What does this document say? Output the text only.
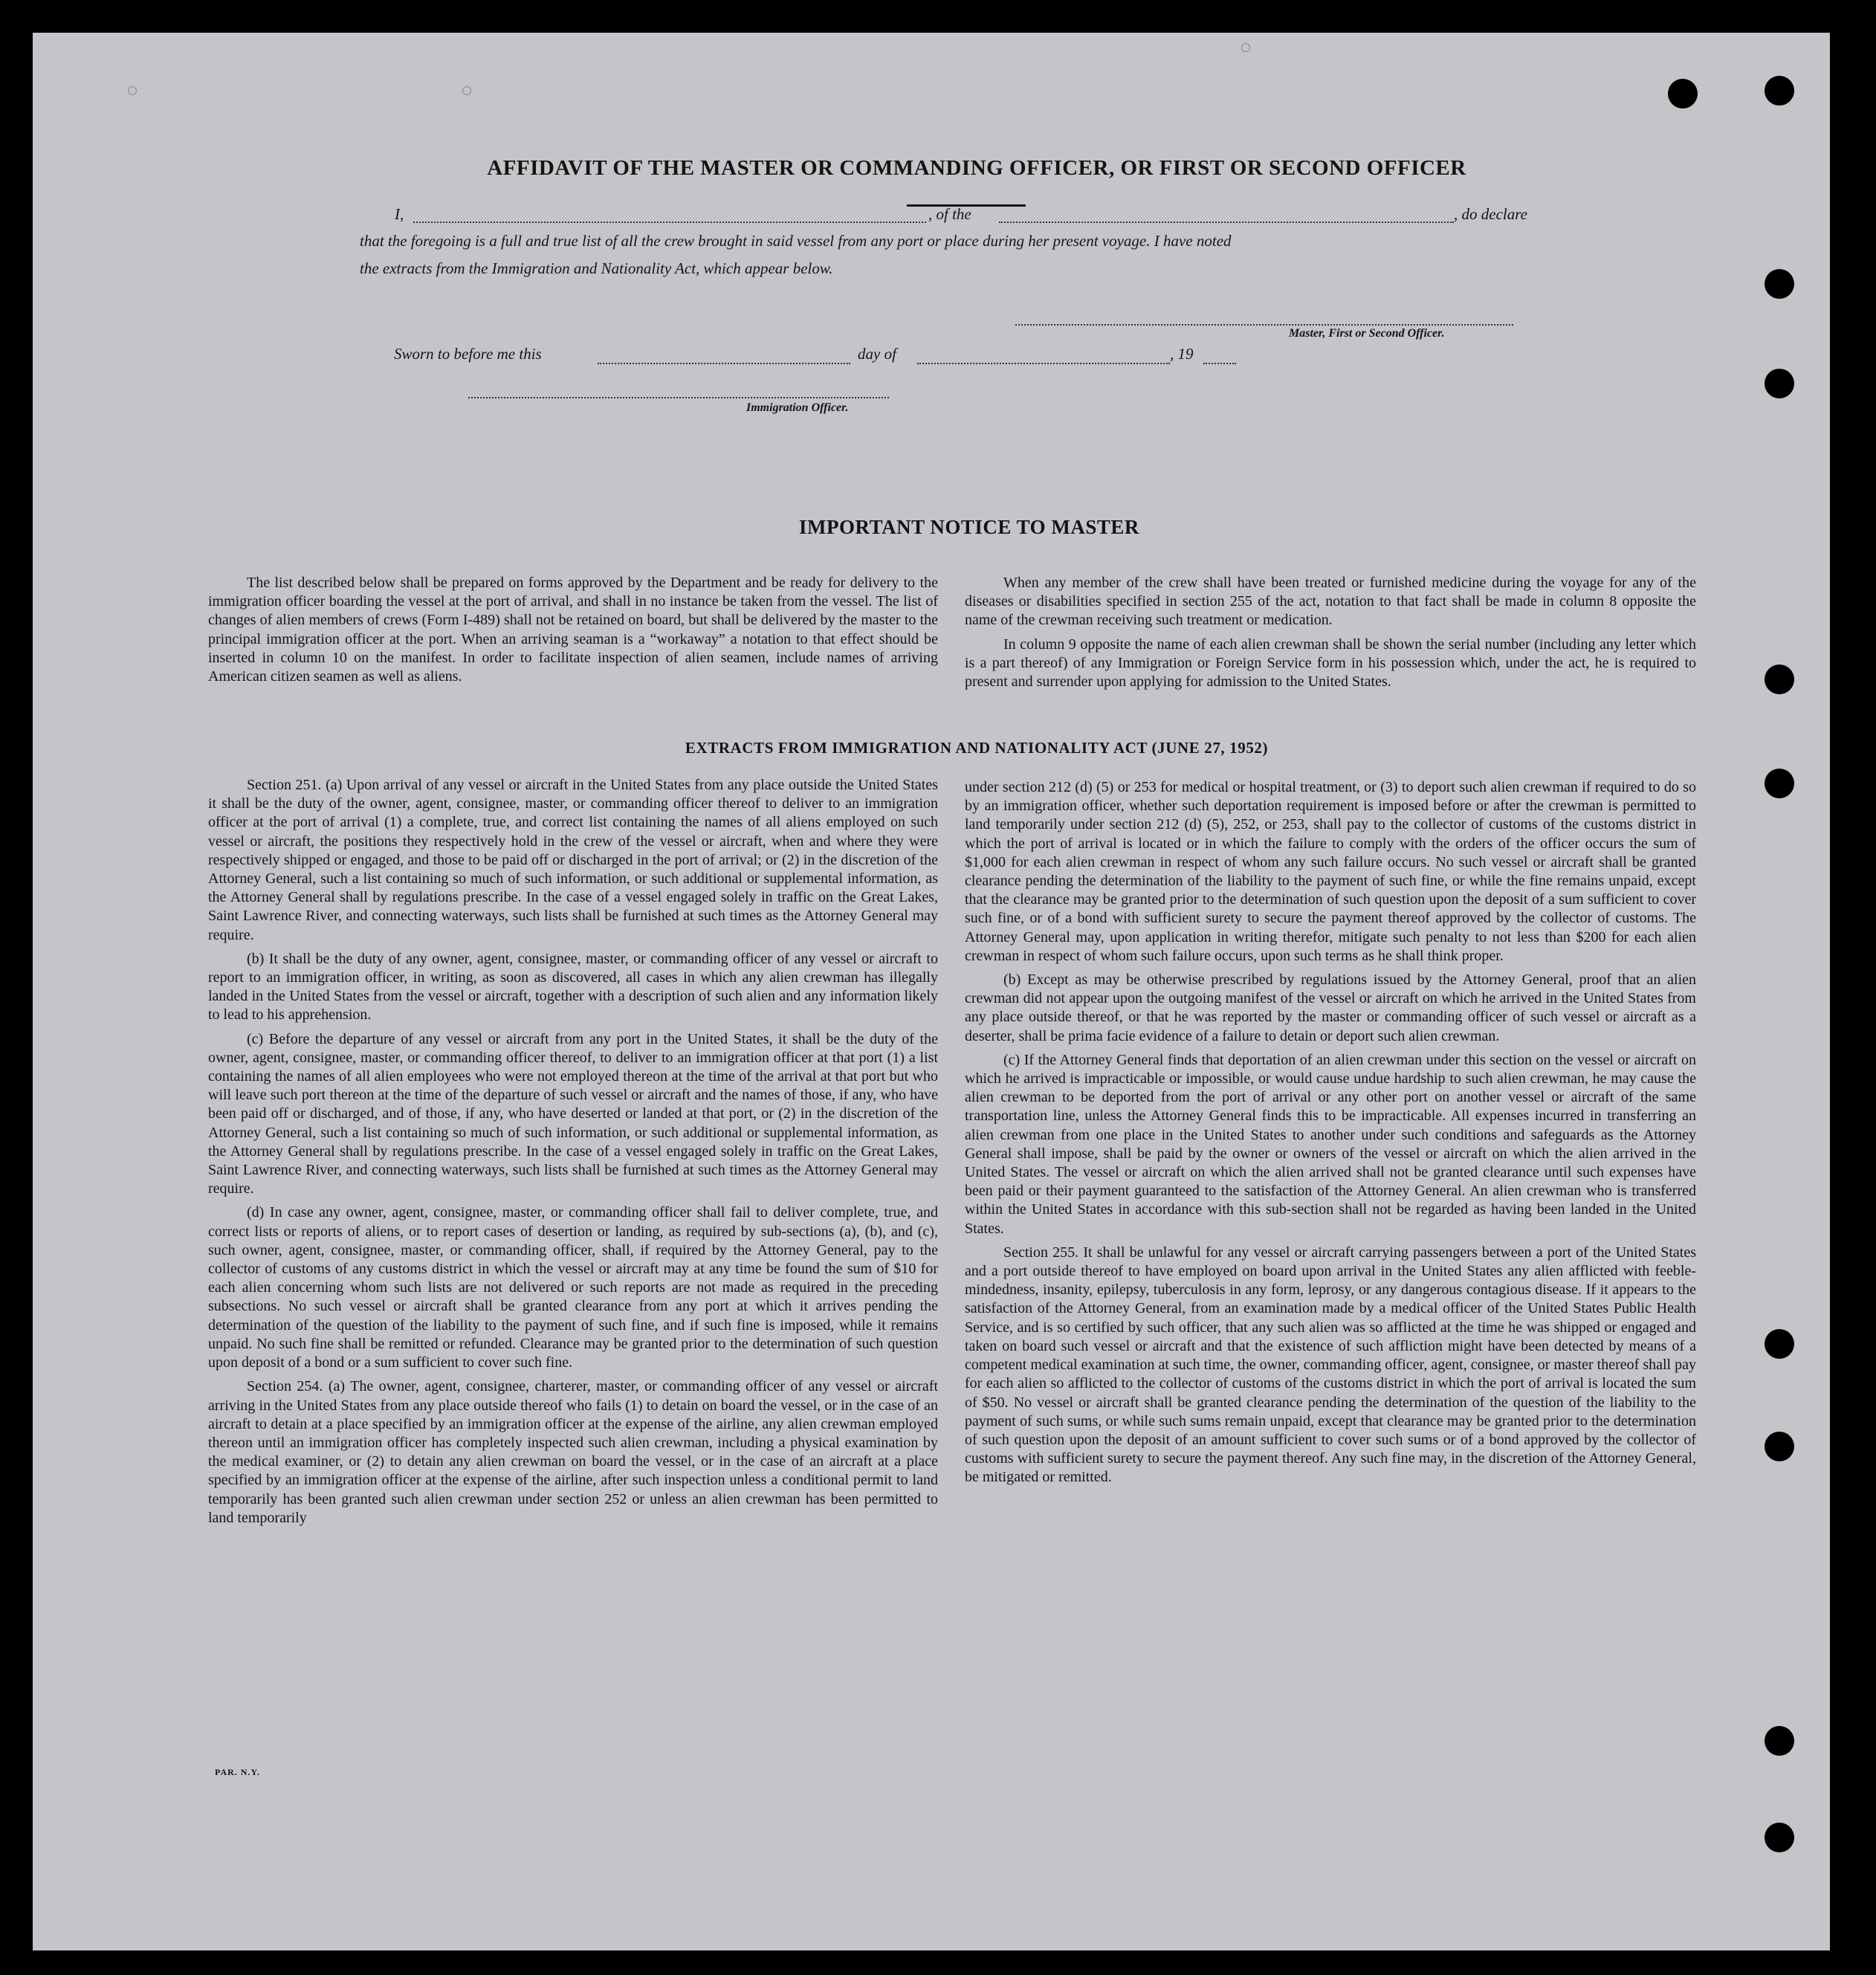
AFFIDAVIT OF THE MASTER OR COMMANDING OFFICER, OR FIRST OR SECOND OFFICER
I,	, of the	, do declare
that the foregoing is a full and true list of all the crew brought in said vessel from any port or place during her present voyage. I have noted
the extracts from the Immigration and Nationality Act, which appear below.
Master, First or Second Officer.
Sworn to before me this	day of	, 19
Immigration Officer.
IMPORTANT NOTICE TO MASTER

The list described below shall be prepared on forms approved by the Department and be ready for delivery to the immigration officer boarding the vessel at the port of arrival, and shall in no instance be taken from the vessel. The list of changes of alien members of crews (Form I-489) shall not be retained on board, but shall be delivered by the master to the principal immigration officer at the port. When an arriving seaman is a “workaway” a notation to that effect should be inserted in column 10 on the manifest. In order to facilitate inspection of alien seamen, include names of arriving American citizen seamen as well as aliens.

When any member of the crew shall have been treated or furnished medicine during the voyage for any of the diseases or disabilities specified in section 255 of the act, notation to that fact shall be made in column 8 opposite the name of the crewman receiving such treatment or medication.

In column 9 opposite the name of each alien crewman shall be shown the serial number (including any letter which is a part thereof) of any Immigration or Foreign Service form in his possession which, under the act, he is required to present and surrender upon applying for admission to the United States.

EXTRACTS FROM IMMIGRATION AND NATIONALITY ACT (JUNE 27, 1952)

Section 251. (a) Upon arrival of any vessel or aircraft in the United States from any place outside the United States it shall be the duty of the owner, agent, consignee, master, or commanding officer thereof to deliver to an immigration officer at the port of arrival (1) a complete, true, and correct list containing the names of all aliens employed on such vessel or aircraft, the positions they respectively hold in the crew of the vessel or aircraft, when and where they were respectively shipped or engaged, and those to be paid off or discharged in the port of arrival; or (2) in the discretion of the Attorney General, such a list containing so much of such information, or such additional or supplemental information, as the Attorney General shall by regulations prescribe. In the case of a vessel engaged solely in traffic on the Great Lakes, Saint Lawrence River, and connecting waterways, such lists shall be furnished at such times as the Attorney General may require.

(b) It shall be the duty of any owner, agent, consignee, master, or commanding officer of any vessel or aircraft to report to an immigration officer, in writing, as soon as discovered, all cases in which any alien crewman has illegally landed in the United States from the vessel or aircraft, together with a description of such alien and any information likely to lead to his apprehension.

(c) Before the departure of any vessel or aircraft from any port in the United States, it shall be the duty of the owner, agent, consignee, master, or commanding officer thereof, to deliver to an immigration officer at that port (1) a list containing the names of all alien employees who were not employed thereon at the time of the arrival at that port but who will leave such port thereon at the time of the departure of such vessel or aircraft and the names of those, if any, who have been paid off or discharged, and of those, if any, who have deserted or landed at that port, or (2) in the discretion of the Attorney General, such a list containing so much of such information, or such additional or supplemental information, as the Attorney General shall by regulations prescribe. In the case of a vessel engaged solely in traffic on the Great Lakes, Saint Lawrence River, and connecting waterways, such lists shall be furnished at such times as the Attorney General may require.

(d) In case any owner, agent, consignee, master, or commanding officer shall fail to deliver complete, true, and correct lists or reports of aliens, or to report cases of desertion or landing, as required by sub-sections (a), (b), and (c), such owner, agent, consignee, master, or commanding officer, shall, if required by the Attorney General, pay to the collector of customs of any customs district in which the vessel or aircraft may at any time be found the sum of $10 for each alien concerning whom such lists are not delivered or such reports are not made as required in the preceding subsections. No such vessel or aircraft shall be granted clearance from any port at which it arrives pending the determination of the question of the liability to the payment of such fine, and if such fine is imposed, while it remains unpaid. No such fine shall be remitted or refunded. Clearance may be granted prior to the determination of such question upon deposit of a bond or a sum sufficient to cover such fine.

Section 254. (a) The owner, agent, consignee, charterer, master, or commanding officer of any vessel or aircraft arriving in the United States from any place outside thereof who fails (1) to detain on board the vessel, or in the case of an aircraft to detain at a place specified by an immigration officer at the expense of the airline, any alien crewman employed thereon until an immigration officer has completely inspected such alien crewman, including a physical examination by the medical examiner, or (2) to detain any alien crewman on board the vessel, or in the case of an aircraft at a place specified by an immigration officer at the expense of the airline, after such inspection unless a conditional permit to land temporarily has been granted such alien crewman under section 252 or unless an alien crewman has been permitted to land temporarily

under section 212 (d) (5) or 253 for medical or hospital treatment, or (3) to deport such alien crewman if required to do so by an immigration officer, whether such deportation requirement is imposed before or after the crewman is permitted to land temporarily under section 212 (d) (5), 252, or 253, shall pay to the collector of customs of the customs district in which the port of arrival is located or in which the failure to comply with the orders of the officer occurs the sum of $1,000 for each alien crewman in respect of whom any such failure occurs. No such vessel or aircraft shall be granted clearance pending the determination of the liability to the payment of such fine, or while the fine remains unpaid, except that the clearance may be granted prior to the determination of such question upon the deposit of a sum sufficient to cover such fine, or of a bond with sufficient surety to secure the payment thereof approved by the collector of customs. The Attorney General may, upon application in writing therefor, mitigate such penalty to not less than $200 for each alien crewman in respect of whom such failure occurs, upon such terms as he shall think proper.

(b) Except as may be otherwise prescribed by regulations issued by the Attorney General, proof that an alien crewman did not appear upon the outgoing manifest of the vessel or aircraft on which he arrived in the United States from any place outside thereof, or that he was reported by the master or commanding officer of such vessel or aircraft as a deserter, shall be prima facie evidence of a failure to detain or deport such alien crewman.

(c) If the Attorney General finds that deportation of an alien crewman under this section on the vessel or aircraft on which he arrived is impracticable or impossible, or would cause undue hardship to such alien crewman, he may cause the alien crewman to be deported from the port of arrival or any other port on another vessel or aircraft of the same transportation line, unless the Attorney General finds this to be impracticable. All expenses incurred in transferring an alien crewman from one place in the United States to another under such conditions and safeguards as the Attorney General shall impose, shall be paid by the owner or owners of the vessel or aircraft on which the alien arrived in the United States. The vessel or aircraft on which the alien arrived shall not be granted clearance until such expenses have been paid or their payment guaranteed to the satisfaction of the Attorney General. An alien crewman who is transferred within the United States in accordance with this sub-section shall not be regarded as having been landed in the United States.

Section 255. It shall be unlawful for any vessel or aircraft carrying passengers between a port of the United States and a port outside thereof to have employed on board upon arrival in the United States any alien afflicted with feeble-mindedness, insanity, epilepsy, tuberculosis in any form, leprosy, or any dangerous contagious disease. If it appears to the satisfaction of the Attorney General, from an examination made by a medical officer of the United States Public Health Service, and is so certified by such officer, that any such alien was so afflicted at the time he was shipped or engaged and taken on board such vessel or aircraft and that the existence of such affliction might have been detected by means of a competent medical examination at such time, the owner, commanding officer, agent, consignee, or master thereof shall pay for each alien so afflicted to the collector of customs of the customs district in which the port of arrival is located the sum of $50. No vessel or aircraft shall be granted clearance pending the determination of the question of the liability to the payment of such sums, or while such sums remain unpaid, except that clearance may be granted prior to the determination of such question upon the deposit of an amount sufficient to cover such sums or of a bond approved by the collector of customs with sufficient surety to secure the payment thereof. Any such fine may, in the discretion of the Attorney General, be mitigated or remitted.

PAR. N.Y.
